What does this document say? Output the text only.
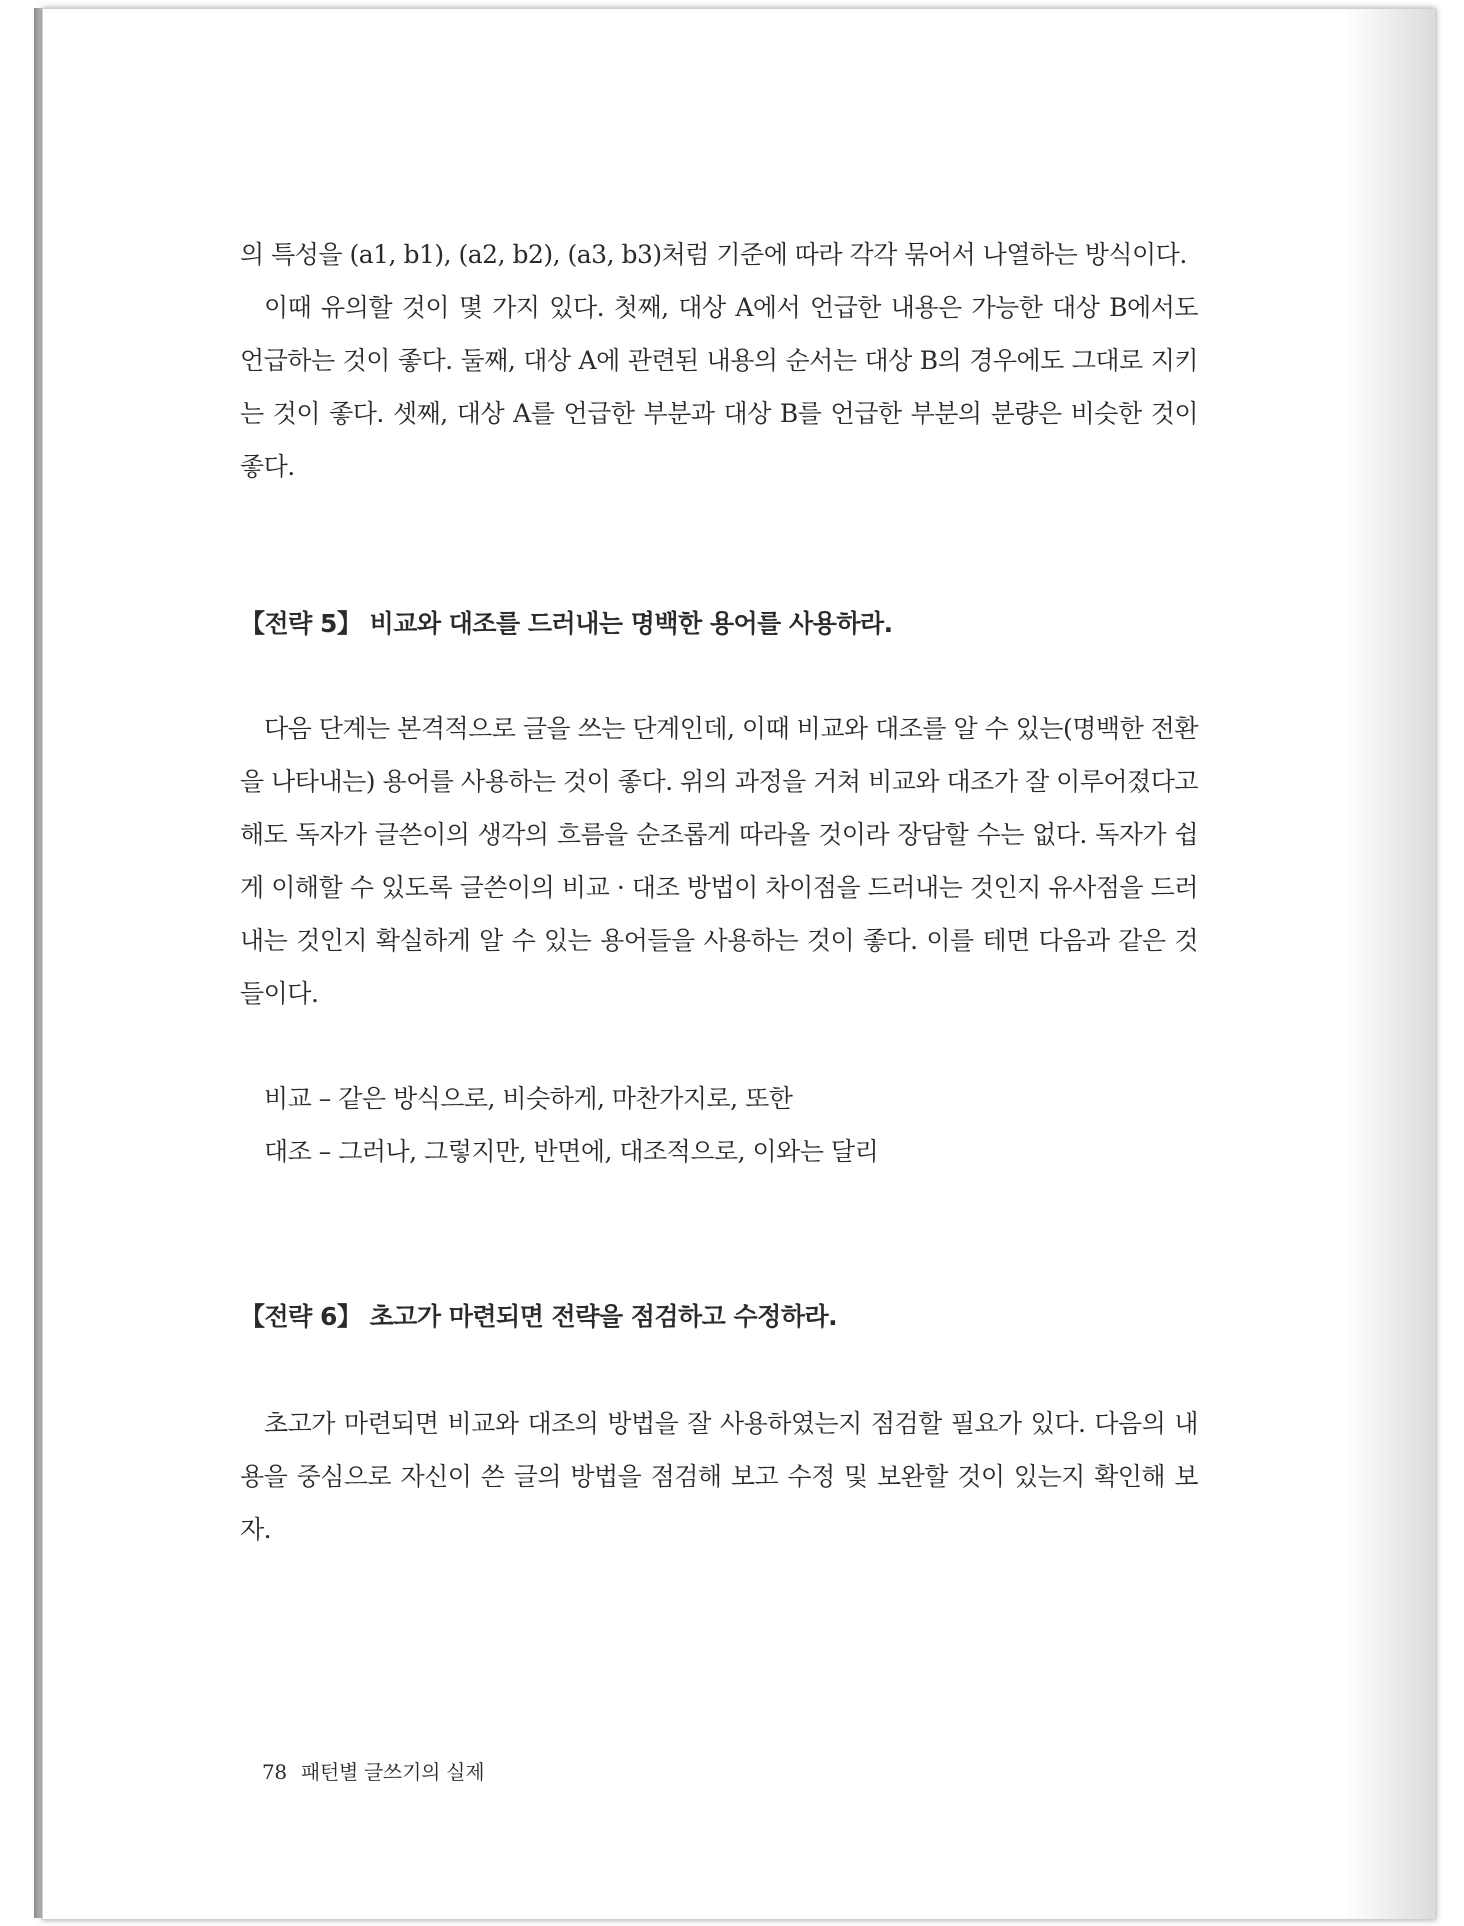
의 특성을 (a1, b1), (a2, b2), (a3, b3)처럼 기준에 따라 각각 묶어서 나열하는 방식이다.

이때 유의할 것이 몇 가지 있다. 첫째, 대상 A에서 언급한 내용은 가능한 대상 B에서도 언급하는 것이 좋다. 둘째, 대상 A에 관련된 내용의 순서는 대상 B의 경우에도 그대로 지키는 것이 좋다. 셋째, 대상 A를 언급한 부분과 대상 B를 언급한 부분의 분량은 비슷한 것이 좋다.

【전략 5】 비교와 대조를 드러내는 명백한 용어를 사용하라.

다음 단계는 본격적으로 글을 쓰는 단계인데, 이때 비교와 대조를 알 수 있는(명백한 전환을 나타내는) 용어를 사용하는 것이 좋다. 위의 과정을 거쳐 비교와 대조가 잘 이루어졌다고 해도 독자가 글쓴이의 생각의 흐름을 순조롭게 따라올 것이라 장담할 수는 없다. 독자가 쉽게 이해할 수 있도록 글쓴이의 비교 · 대조 방법이 차이점을 드러내는 것인지 유사점을 드러내는 것인지 확실하게 알 수 있는 용어들을 사용하는 것이 좋다. 이를 테면 다음과 같은 것들이다.

비교 – 같은 방식으로, 비슷하게, 마찬가지로, 또한

대조 – 그러나, 그렇지만, 반면에, 대조적으로, 이와는 달리

【전략 6】 초고가 마련되면 전략을 점검하고 수정하라.

초고가 마련되면 비교와 대조의 방법을 잘 사용하였는지 점검할 필요가 있다. 다음의 내용을 중심으로 자신이 쓴 글의 방법을 점검해 보고 수정 및 보완할 것이 있는지 확인해 보자.

78 패턴별 글쓰기의 실제
